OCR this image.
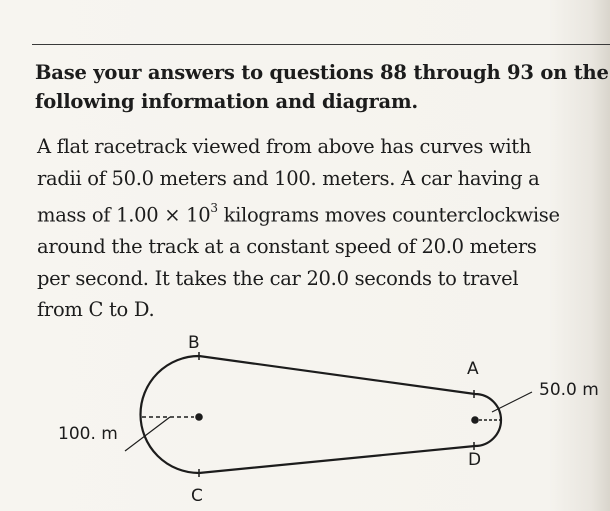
Base your answers to questions 88 through 93 on the
following information and diagram.
A flat racetrack viewed from above has curves with
radii of 50.0 meters and 100. meters. A car having a
mass of $1.00 \times 10^3$ kilograms moves counterclockwise
around the track at a constant speed of 20.0 meters
per second. It takes the car 20.0 seconds to travel
from C to D.
B
A
D
C
50.0 m
100. m
